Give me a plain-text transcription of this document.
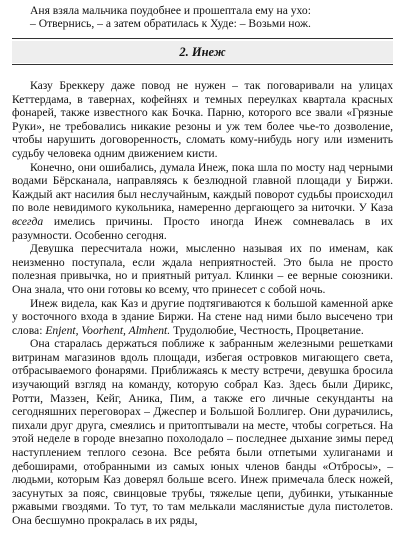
Аня взяла мальчика поудобнее и прошептала ему на ухо:

– Отвернись, – а затем обратилась к Худе: – Возьми нож.

2. Инеж

Казу Бреккеру даже повод не нужен – так поговаривали на улицах Кеттердама, в тавернах, кофейнях и темных переулках квартала красных фонарей, также известного как Бочка. Парню, которого все звали «Грязные Руки», не требовались никакие резоны и уж тем более чье-то дозволение, чтобы нарушить договоренность, сломать кому-нибудь ногу или изменить судьбу человека одним движением кисти.

Конечно, они ошибались, думала Инеж, пока шла по мосту над черными водами Бёрсканала, направляясь к безлюдной главной площади у Биржи. Каждый акт насилия был неслучайным, каждый поворот судьбы происходил по воле невидимого кукольника, намеренно дергающего за ниточки. У Каза всегда имелись причины. Просто иногда Инеж сомневалась в их разумности. Особенно сегодня.

Девушка пересчитала ножи, мысленно называя их по именам, как неизменно поступала, если ждала неприятностей. Это была не просто полезная привычка, но и приятный ритуал. Клинки – ее верные союзники. Она знала, что они готовы ко всему, что принесет с собой ночь.

Инеж видела, как Каз и другие подтягиваются к большой каменной арке у восточного входа в здание Биржи. На стене над ними было высечено три слова: Enjent, Voorhent, Almhent. Трудолюбие, Честность, Процветание.

Она старалась держаться поближе к забранным железными решетками витринам магазинов вдоль площади, избегая островков мигающего света, отбрасываемого фонарями. Приближаясь к месту встречи, девушка бросила изучающий взгляд на команду, которую собрал Каз. Здесь были Дирикс, Ротти, Маззен, Кейг, Аника, Пим, а также его личные секунданты на сегодняшних переговорах – Джеспер и Большой Боллигер. Они дурачились, пихали друг друга, смеялись и притоптывали на месте, чтобы согреться. На этой неделе в городе внезапно похолодало – последнее дыхание зимы перед наступлением теплого сезона. Все ребята были отпетыми хулиганами и дебоширами, отобранными из самых юных членов банды «Отбросы», – людьми, которым Каз доверял больше всего. Инеж примечала блеск ножей, засунутых за пояс, свинцовые трубы, тяжелые цепи, дубинки, утыканные ржавыми гвоздями. То тут, то там мелькали маслянистые дула пистолетов. Она бесшумно прокралась в их ряды,
